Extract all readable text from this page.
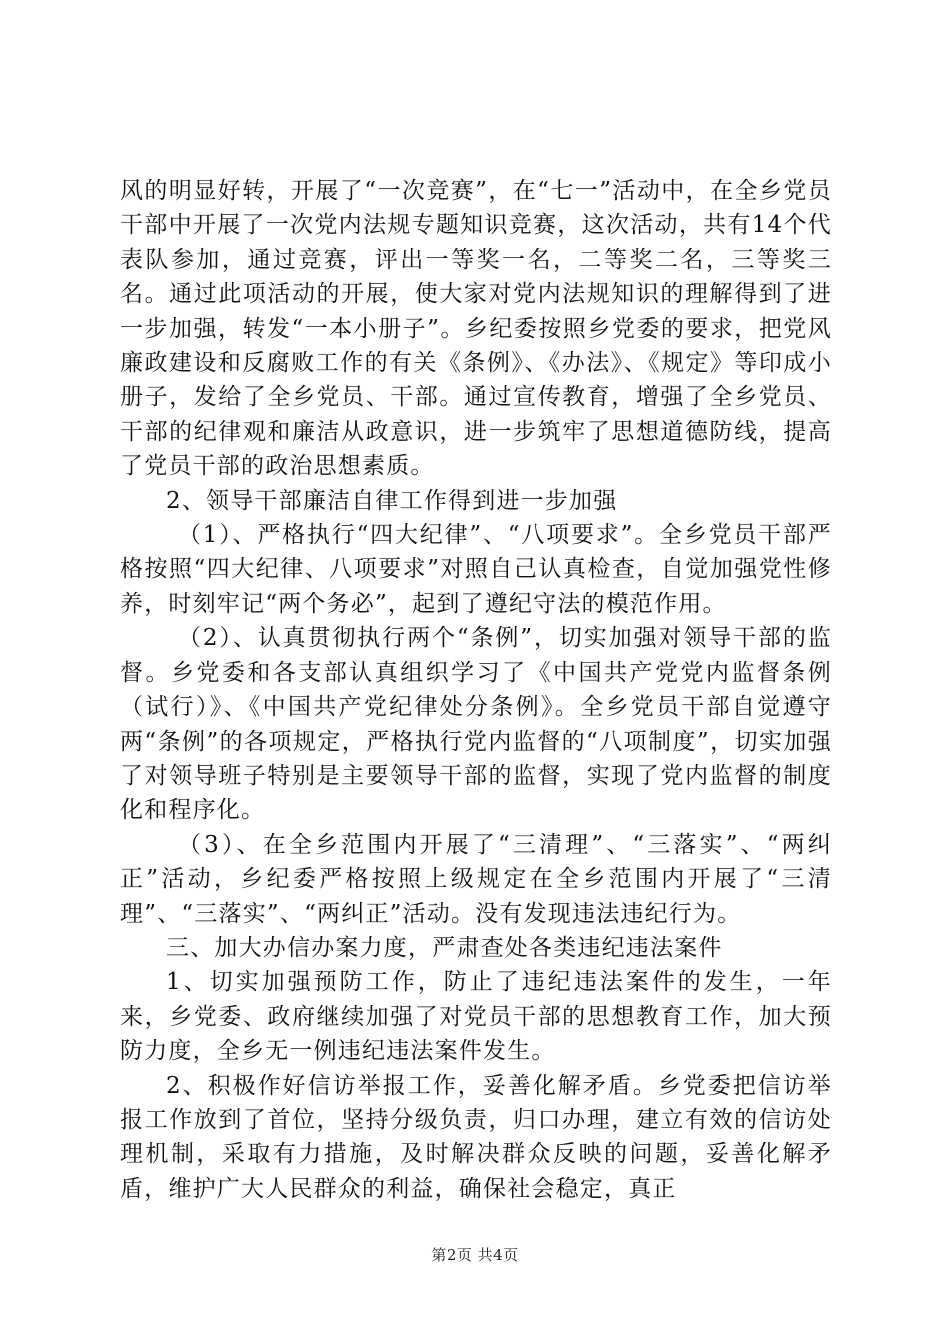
风的明显好转，开展了“一次竞赛”，在“七一”活动中，在全乡党员干部中开展了一次党内法规专题知识竞赛，这次活动，共有14个代表队参加，通过竞赛，评出一等奖一名，二等奖二名，三等奖三名。通过此项活动的开展，使大家对党内法规知识的理解得到了进一步加强，转发“一本小册子”。乡纪委按照乡党委的要求，把党风廉政建设和反腐败工作的有关《条例》、《办法》、《规定》等印成小册子，发给了全乡党员、干部。通过宣传教育，增强了全乡党员、干部的纪律观和廉洁从政意识，进一步筑牢了思想道德防线，提高了党员干部的政治思想素质。

2、领导干部廉洁自律工作得到进一步加强

（1）、严格执行“四大纪律”、“八项要求”。全乡党员干部严格按照“四大纪律、八项要求”对照自己认真检查，自觉加强党性修养，时刻牢记“两个务必”，起到了遵纪守法的模范作用。

（2）、认真贯彻执行两个“条例”，切实加强对领导干部的监督。乡党委和各支部认真组织学习了《中国共产党党内监督条例（试行）》、《中国共产党纪律处分条例》。全乡党员干部自觉遵守两“条例”的各项规定，严格执行党内监督的“八项制度”，切实加强了对领导班子特别是主要领导干部的监督，实现了党内监督的制度化和程序化。

（3）、在全乡范围内开展了“三清理”、“三落实”、“两纠正”活动，乡纪委严格按照上级规定在全乡范围内开展了“三清理”、“三落实”、“两纠正”活动。没有发现违法违纪行为。

三、加大办信办案力度，严肃查处各类违纪违法案件

1、切实加强预防工作，防止了违纪违法案件的发生，一年来，乡党委、政府继续加强了对党员干部的思想教育工作，加大预防力度，全乡无一例违纪违法案件发生。

2、积极作好信访举报工作，妥善化解矛盾。乡党委把信访举报工作放到了首位，坚持分级负责，归口办理，建立有效的信访处理机制，采取有力措施，及时解决群众反映的问题，妥善化解矛盾，维护广大人民群众的利益，确保社会稳定，真正

第2页 共4页
